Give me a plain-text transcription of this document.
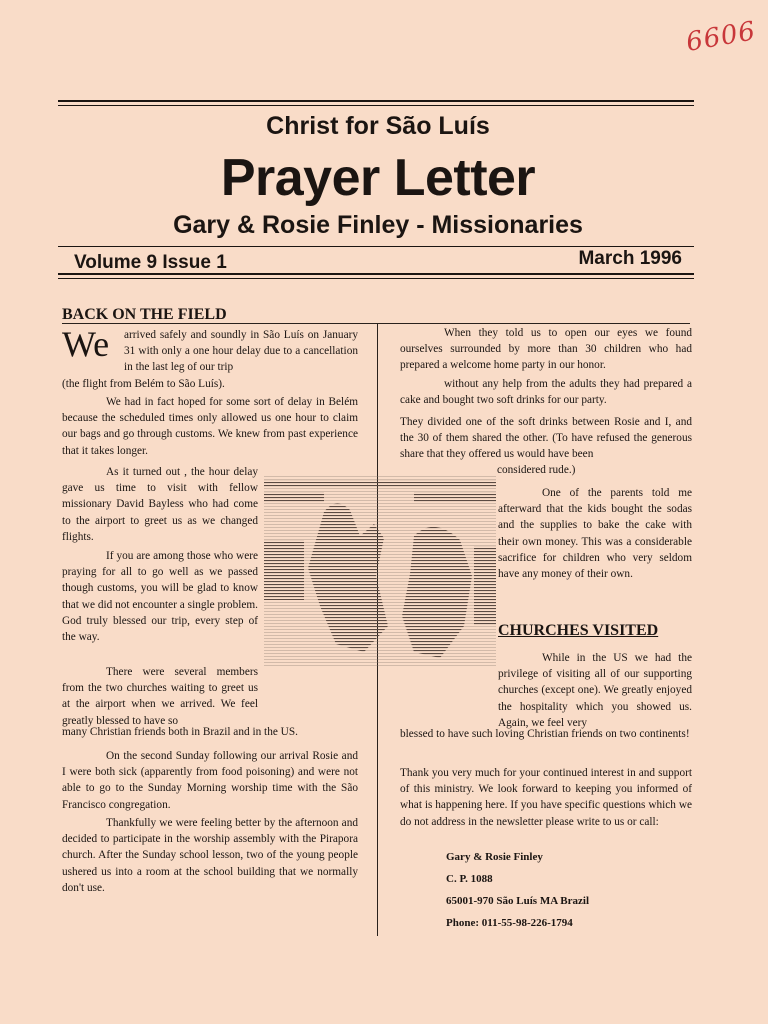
6606
Christ for São Luís
Prayer Letter
Gary & Rosie Finley - Missionaries
Volume 9 Issue 1	March 1996
BACK ON THE FIELD
We arrived safely and soundly in São Luís on January 31 with only a one hour delay due to a cancellation in the last leg of our trip
(the flight from Belém to São Luís).
We had in fact hoped for some sort of delay in Belém because the scheduled times only allowed us one hour to claim our bags and go through customs. We knew from past experience that it takes longer.
As it turned out , the hour delay gave us time to visit with fellow missionary David Bayless who had come to the airport to greet us as we changed flights.
If you are among those who were praying for all to go well as we passed though customs, you will be glad to know that we did not encounter a single problem. God truly blessed our trip, every step of the way.
There were several members from the two churches waiting to greet us at the airport when we arrived. We feel greatly blessed to have so
many Christian friends both in Brazil and in the US.
On the second Sunday following our arrival Rosie and I were both sick (apparently from food poisoning) and were not able to go to the Sunday Morning worship time with the São Francisco congregation.
Thankfully we were feeling better by the afternoon and decided to participate in the worship assembly with the Pirapora church. After the Sunday school lesson, two of the young people ushered us into a room at the school building that we normally don't use.
When they told us to open our eyes we found ourselves surrounded by more than 30 children who had prepared a welcome home party in our honor.
without any help from the adults they had prepared a cake and bought two soft drinks for our party.
They divided one of the soft drinks between Rosie and I, and the 30 of them shared the other. (To have refused the generous share that they offered us would have been
considered rude.)
One of the parents told me afterward that the kids bought the sodas and the supplies to bake the cake with their own money. This was a considerable sacrifice for children who very seldom have any money of their own.
CHURCHES VISITED
While in the US we had the privilege of visiting all of our supporting churches (except one). We greatly enjoyed the hospitality which you showed us. Again, we feel very
blessed to have such loving Christian friends on two continents!
Thank you very much for your continued interest in and support of this ministry. We look forward to keeping you informed of what is happening here. If you have specific questions which we do not address in the newsletter please write to us or call:
Gary & Rosie Finley
C. P. 1088
65001-970 São Luís MA Brazil
Phone: 011-55-98-226-1794
